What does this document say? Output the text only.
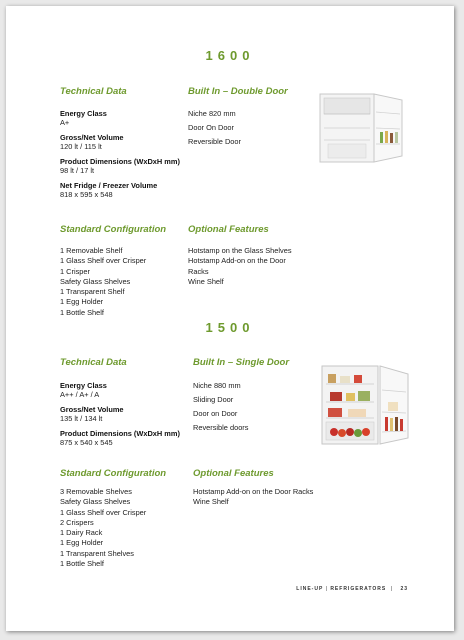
1600
Technical Data	Built In – Double Door
Energy Class
A+
Gross/Net Volume
120 lt / 115 lt
Product Dimensions (WxDxH mm)
98 lt / 17 lt
Net Fridge / Freezer Volume
818 x 595 x 548
Niche 820 mm
Door On Door
Reversible Door
Standard Configuration Optional Features
1 Removable Shelf
1 Glass Shelf over Crisper
1 Crisper
Safety Glass Shelves
1 Transparent Shelf
1 Egg Holder
1 Bottle Shelf
Hotstamp on the Glass Shelves
Hotstamp Add-on on the Door
Racks
Wine Shelf
1500
Technical Data	Built In – Single Door
Energy Class
A++ / A+ / A
Gross/Net Volume
135 lt / 134 lt
Product Dimensions (WxDxH mm)
875 x 540 x 545
Niche 880 mm
Sliding Door
Door on Door
Reversible doors
Standard Configuration	Optional Features
3 Removable Shelves
Safety Glass Shelves
1 Glass Shelf over Crisper
2 Crispers
1 Dairy Rack
1 Egg Holder
1 Transparent Shelves
1 Bottle Shelf
Hotstamp Add-on on the Door Racks
Wine Shelf
LINE-UP | REFRIGERATORS  |   23
